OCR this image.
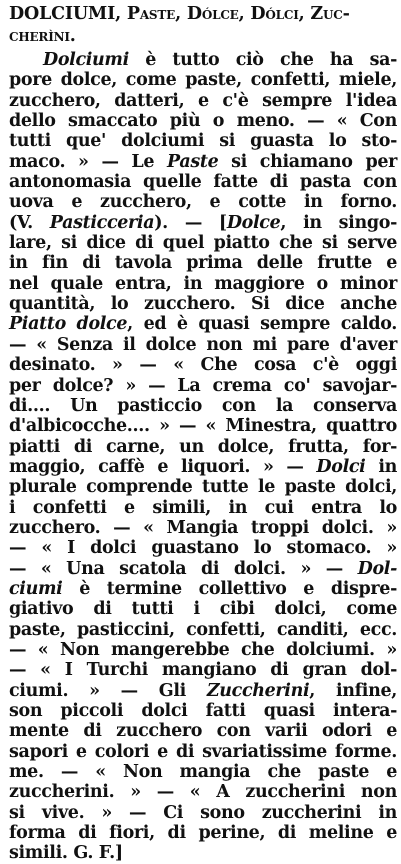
DOLCIUMI, Paste, Dólce, Dólci, Zuc-
cherìni.
Dolciumi è tutto ciò che ha sa-
pore dolce, come paste, confetti, miele,
zucchero, datteri, e c'è sempre l'idea
dello smaccato più o meno. — « Con
tutti que' dolciumi si guasta lo sto-
maco. » — Le Paste si chiamano per
antonomasia quelle fatte di pasta con
uova e zucchero, e cotte in forno.
(V. Pasticceria). — [Dolce, in singo-
lare, si dice di quel piatto che si serve
in fin di tavola prima delle frutte e
nel quale entra, in maggiore o minor
quantità, lo zucchero. Si dice anche
Piatto dolce, ed è quasi sempre caldo.
— « Senza il dolce non mi pare d'aver
desinato. » — « Che cosa c'è oggi
per dolce? » — La crema co' savojar-
di.... Un pasticcio con la conserva
d'albicocche.... » — « Minestra, quattro
piatti di carne, un dolce, frutta, for-
maggio, caffè e liquori. » — Dolci in
plurale comprende tutte le paste dolci,
i confetti e simili, in cui entra lo
zucchero. — « Mangia troppi dolci. »
— « I dolci guastano lo stomaco. »
— « Una scatola di dolci. » — Dol-
ciumi è termine collettivo e dispre-
giativo di tutti i cibi dolci, come
paste, pasticcini, confetti, canditi, ecc.
— « Non mangerebbe che dolciumi. »
— « I Turchi mangiano di gran dol-
ciumi. » — Gli Zuccherini, infine,
son piccoli dolci fatti quasi intera-
mente di zucchero con varii odori e
sapori e colori e di svariatissime forme.
me. — « Non mangia che paste e
zuccherini. » — « A zuccherini non
si vive. » — Ci sono zuccherini in
forma di fiori, di perine, di meline e
simili. G. F.]
